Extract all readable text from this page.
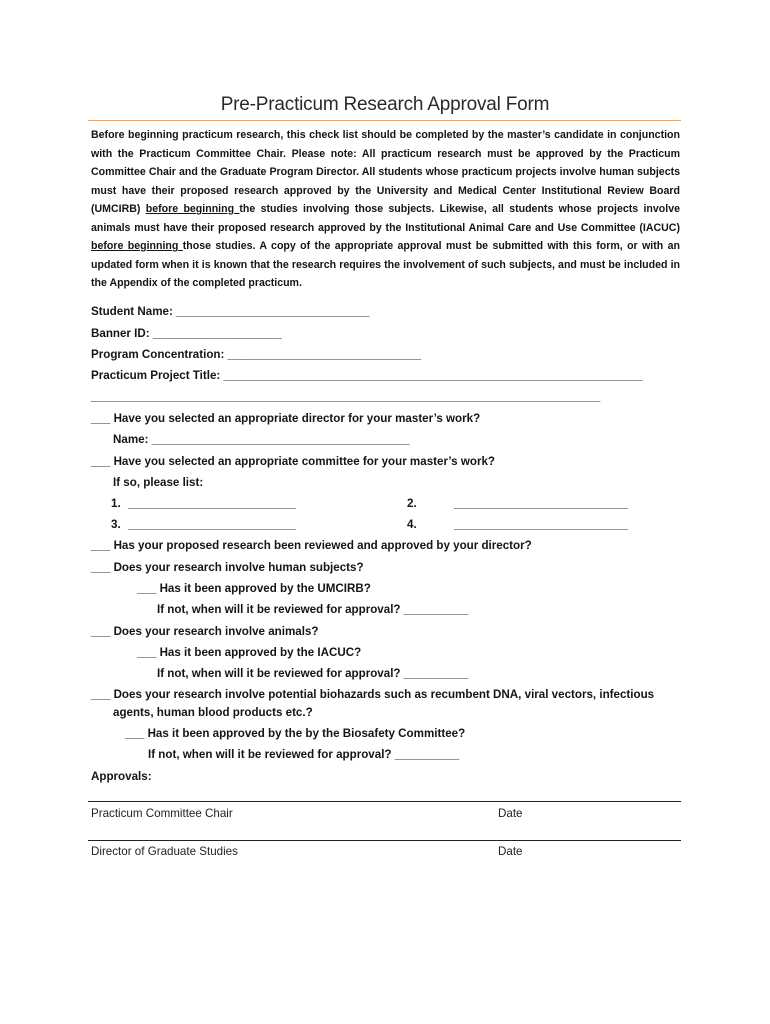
Pre-Practicum Research Approval Form
Before beginning practicum research, this check list should be completed by the master’s candidate in conjunction with the Practicum Committee Chair. Please note: All practicum research must be approved by the Practicum Committee Chair and the Graduate Program Director. All students whose practicum projects involve human subjects must have their proposed research approved by the University and Medical Center Institutional Review Board (UMCIRB) before beginning the studies involving those subjects. Likewise, all students whose projects involve animals must have their proposed research approved by the Institutional Animal Care and Use Committee (IACUC) before beginning those studies. A copy of the appropriate approval must be submitted with this form, or with an updated form when it is known that the research requires the involvement of such subjects, and must be included in the Appendix of the completed practicum.
Student Name: ______________________________
Banner ID: ____________________
Program Concentration: ______________________________
Practicum Project Title: _________________________________________________________________
_______________________________________________________________________________
___ Have you selected an appropriate director for your master’s work?
Name: ________________________________________
___ Have you selected an appropriate committee for your master’s work?
If so, please list:
1. __________________________	2.	___________________________
3. __________________________	4.	___________________________
___ Has your proposed research been reviewed and approved by your director?
___ Does your research involve human subjects?
___ Has it been approved by the UMCIRB?
If not, when will it be reviewed for approval? __________
___ Does your research involve animals?
___ Has it been approved by the IACUC?
If not, when will it be reviewed for approval? __________
___ Does your research involve potential biohazards such as recumbent DNA, viral vectors, infectious
agents, human blood products etc.?
___ Has it been approved by the by the Biosafety Committee?
If not, when will it be reviewed for approval? __________
Approvals:
Practicum Committee Chair	Date
Director of Graduate Studies	Date
